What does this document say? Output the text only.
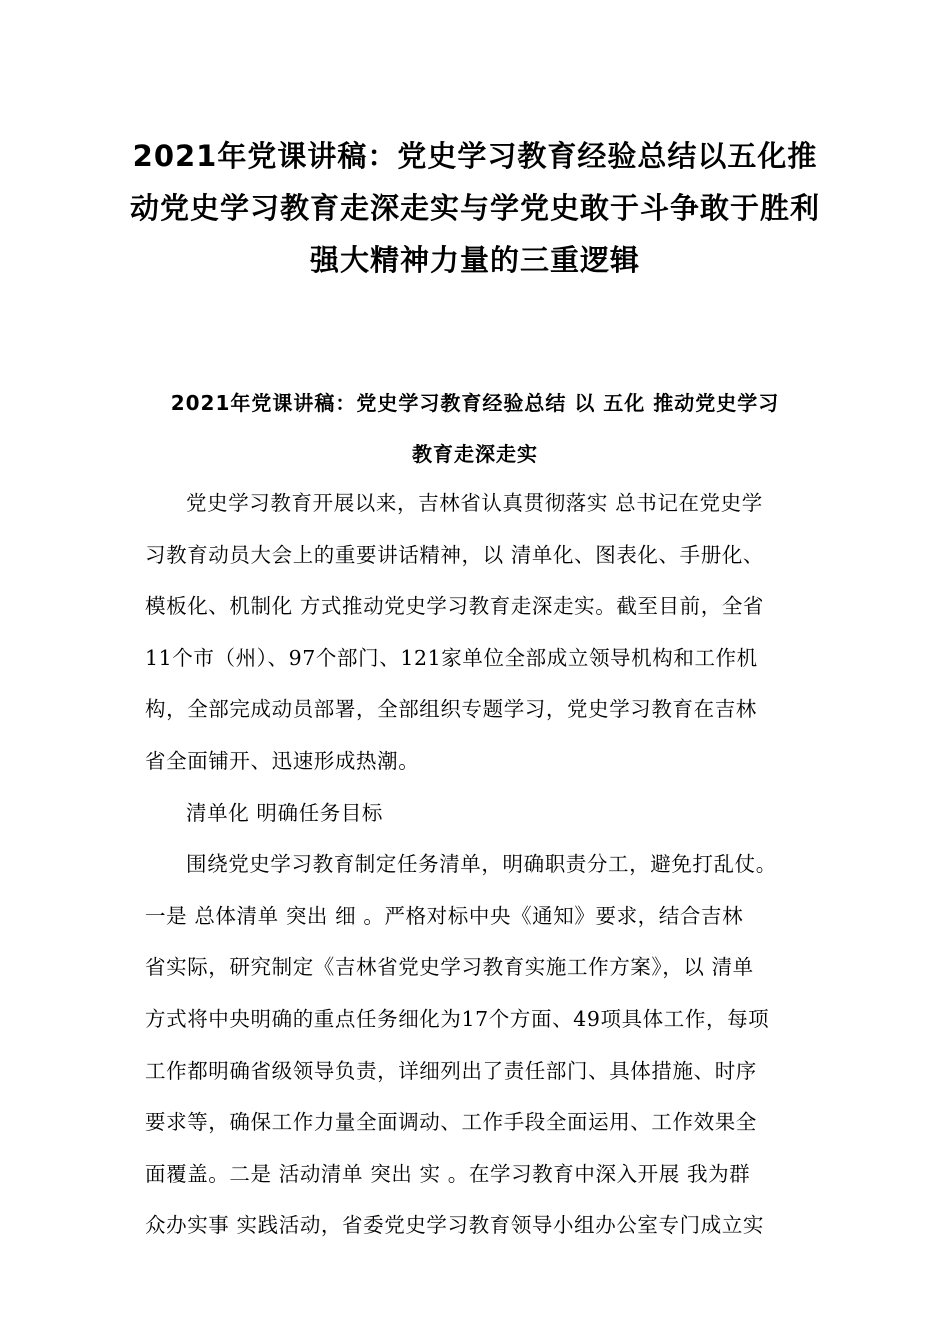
2021年党课讲稿：党史学习教育经验总结以五化推
动党史学习教育走深走实与学党史敢于斗争敢于胜利
强大精神力量的三重逻辑
2021年党课讲稿：党史学习教育经验总结 以 五化 推动党史学习
教育走深走实
党史学习教育开展以来，吉林省认真贯彻落实 总书记在党史学
习教育动员大会上的重要讲话精神，以 清单化、图表化、手册化、
模板化、机制化 方式推动党史学习教育走深走实。截至目前，全省
11个市（州）、97个部门、121家单位全部成立领导机构和工作机
构，全部完成动员部署，全部组织专题学习，党史学习教育在吉林
省全面铺开、迅速形成热潮。
清单化 明确任务目标
围绕党史学习教育制定任务清单，明确职责分工，避免打乱仗。
一是 总体清单 突出 细 。严格对标中央《通知》要求，结合吉林
省实际，研究制定《吉林省党史学习教育实施工作方案》，以 清单
方式将中央明确的重点任务细化为17个方面、49项具体工作，每项
工作都明确省级领导负责，详细列出了责任部门、具体措施、时序
要求等，确保工作力量全面调动、工作手段全面运用、工作效果全
面覆盖。二是 活动清单 突出 实 。在学习教育中深入开展 我为群
众办实事 实践活动，省委党史学习教育领导小组办公室专门成立实
